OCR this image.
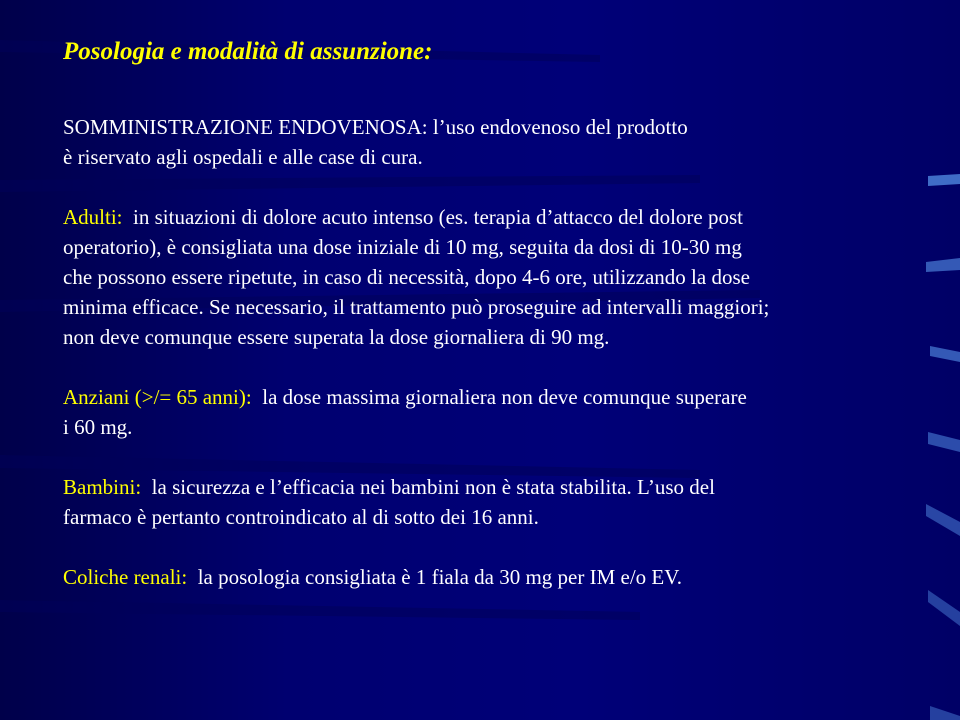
Posologia e modalità di assunzione:
SOMMINISTRAZIONE ENDOVENOSA: l’uso endovenoso del prodotto
è riservato agli ospedali e alle case di cura.
Adulti:  in situazioni di dolore acuto intenso (es. terapia d’attacco del dolore post
operatorio), è consigliata una dose iniziale di 10 mg, seguita da dosi di 10-30 mg
che possono essere ripetute, in caso di necessità, dopo 4-6 ore, utilizzando la dose
minima efficace. Se necessario, il trattamento può proseguire ad intervalli maggiori;
non deve comunque essere superata la dose giornaliera di 90 mg.
Anziani (>/= 65 anni):  la dose massima giornaliera non deve comunque superare
i 60 mg.
Bambini:  la sicurezza e l’efficacia nei bambini non è stata stabilita. L’uso del
farmaco è pertanto controindicato al di sotto dei 16 anni.
Coliche renali:  la posologia consigliata è 1 fiala da 30 mg per IM e/o EV.
